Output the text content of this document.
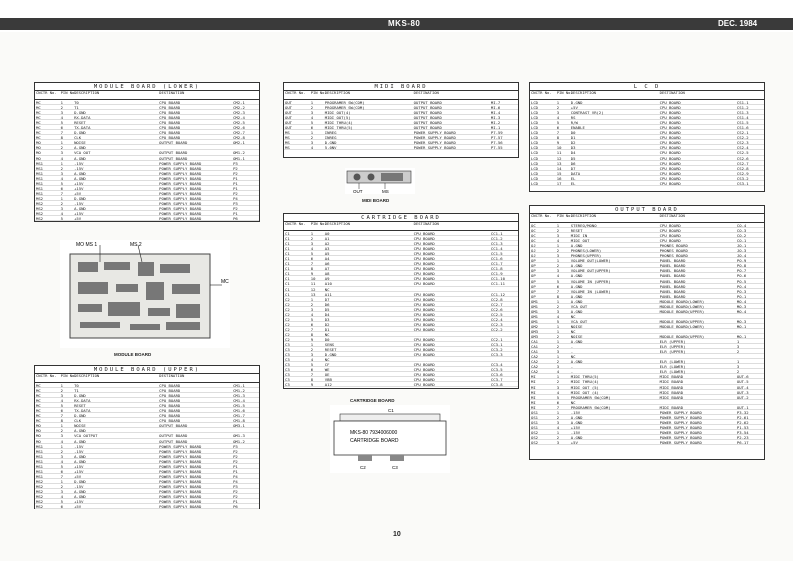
MKS-80	DEC. 1984
MODULE BOARD (LOWER)
CNCTR No.	PIN No.
DESCRIPTION	DESTINATION
MC	1	T0	CPU BOARD	CM2-1
MC	2	T1	CPU BOARD	CM2-2
MC	3	D.GND	CPU BOARD	CM2-3
MC	4	RX.DATA	CPU BOARD	CM2-4
MC	5	RESET	CPU BOARD	CM2-5
MC	6	TX.DATA	CPU BOARD	CM2-6
MC	7	D.GND	CPU BOARD	CM2-7
MC	8	CLK	CPU BOARD	CM2-8
MO	1	NOISE	OUTPUT BOARD	OM2-1
MO	2	A.GND
MO	3	VCA OUT	OUTPUT BOARD	OM1-2
MO	4	A.GND	OUTPUT BOARD	OM1-1
MS1	1	-15V	POWER SUPPLY BOARD	P3
MS1	2	-15V	POWER SUPPLY BOARD	P2
MS1	3	A.GND	POWER SUPPLY BOARD	P2
MS1	4	A.GND	POWER SUPPLY BOARD	P1
MS1	5	+15V	POWER SUPPLY BOARD	P1
MS1	6	+15V	POWER SUPPLY BOARD	P1
MS1	7	+5V	POWER SUPPLY BOARD	P2
MS2	1	D.GND	POWER SUPPLY BOARD	P4
MS2	2	-15V	POWER SUPPLY BOARD	P3
MS2	3	A.GND	POWER SUPPLY BOARD	P2
MS2	4	+15V	POWER SUPPLY BOARD	P1
MS2	5	+5V	POWER SUPPLY BOARD	P6
MODULE BOARD (UPPER)
CNCTR No.	PIN No.
DESCRIPTION	DESTINATION
MC	1	T0	CPU BOARD	CM1-1
MC	2	T1	CPU BOARD	CM1-2
MC	3	D.GND	CPU BOARD	CM1-3
MC	4	RX.DATA	CPU BOARD	CM1-4
MC	5	RESET	CPU BOARD	CM1-5
MC	6	TX.DATA	CPU BOARD	CM1-6
MC	7	D.GND	CPU BOARD	CM1-7
MC	8	CLK	CPU BOARD	CM1-8
MO	1	NOISE	OUTPUT BOARD	OM3-1
MO	2	A.GND
MO	3	VCA OUTPUT	OUTPUT BOARD	OM1-3
MO	4	A.GND	OUTPUT BOARD	OM1-2
MS1	1	-15V	POWER SUPPLY BOARD	P3
MS1	2	-15V	POWER SUPPLY BOARD	P2
MS1	3	A.GND	POWER SUPPLY BOARD	P2
MS1	4	A.GND	POWER SUPPLY BOARD	P2
MS1	5	+15V	POWER SUPPLY BOARD	P1
MS1	6	+15V	POWER SUPPLY BOARD	P1
MS1	7	+5V	POWER SUPPLY BOARD	P4
MS2	1	D.GND	POWER SUPPLY BOARD	P4
MS2	2	-15V	POWER SUPPLY BOARD	P3
MS2	3	A.GND	POWER SUPPLY BOARD	P2
MS2	4	A.GND	POWER SUPPLY BOARD	P2
MS2	5	+15V	POWER SUPPLY BOARD	P1
MS2	6	+5V	POWER SUPPLY BOARD	P6
MIDI BOARD
CNCTR No.	PIN No.
DESCRIPTION	DESTINATION
OUT	1	PROGRAMER SW(COM)	OUTPUT BOARD	MI-7
OUT	2	PROGRAMER SW(COM)	OUTPUT BOARD	MI-6
OUT	3	MIDI OUT(4)	OUTPUT BOARD	MI-4
OUT	4	MIDI OUT(5)	OUTPUT BOARD	MI-3
OUT	5	MIDI THRU(4)	OUTPUT BOARD	MI-2
OUT	6	MIDI THRU(5)	OUTPUT BOARD	MI-1
MS	1	INREG	POWER SUPPLY BOARD	P7-59
MS	2	INREG	POWER SUPPLY BOARD	P7-57
MS	3	D.GND	POWER SUPPLY BOARD	P7-56
MS	4	5.0NV	POWER SUPPLY BOARD	P7-55
CARTRIDGE BOARD
CNCTR No.	PIN No.
DESCRIPTION	DESTINATION
C1	1	A0	CPU BOARD	CC1-1
C1	2	A1	CPU BOARD	CC1-2
C1	3	A2	CPU BOARD	CC1-3
C1	4	A3	CPU BOARD	CC1-4
C1	5	A5	CPU BOARD	CC1-5
C1	6	A4	CPU BOARD	CC1-6
C1	7	A6	CPU BOARD	CC1-7
C1	8	A7	CPU BOARD	CC1-8
C1	9	A8	CPU BOARD	CC1-9
C1	10	A9	CPU BOARD	CC1-10
C1	11	A10	CPU BOARD	CC1-11
C1	12	NC
C1	13	A11	CPU BOARD	CC1-12
C2	1	D7	CPU BOARD	CC2-8
C2	2	D6	CPU BOARD	CC2-7
C2	3	D5	CPU BOARD	CC2-6
C2	4	D4	CPU BOARD	CC2-5
C2	5	D3	CPU BOARD	CC2-4
C2	6	D2	CPU BOARD	CC2-3
C2	7	D1	CPU BOARD	CC2-2
C2	8	NC
C2	9	D0	CPU BOARD	CC2-1
C3	1	SENS	CPU BOARD	CC3-1
C3	2	RESET	CPU BOARD	CC3-2
C3	3	D.GND	CPU BOARD	CC3-3
C3	4	NC
C3	5	CF	CPU BOARD	CC3-4
C3	6	WE	CPU BOARD	CC3-5
C3	7	OE	CPU BOARD	CC3-6
C3	8	VBB	CPU BOARD	CC3-7
C3	9	A12	CPU BOARD	CC3-8
L C D
CNCTR No.	PIN No.
DESCRIPTION	DESTINATION
LCD	1	D.GND	CPU BOARD	CS1-1
LCD	2	+5V	CPU BOARD	CS1-2
LCD	3	CONTRAST VR(2)	CPU BOARD	CS1-3
LCD	4	RS	CPU BOARD	CS1-4
LCD	5	R/W	CPU BOARD	CS1-5
LCD	6	ENABLE	CPU BOARD	CS1-6
LCD	7	D0	CPU BOARD	CS2-1
LCD	8	D1	CPU BOARD	CS2-2
LCD	9	D2	CPU BOARD	CS2-3
LCD	10	D3	CPU BOARD	CS2-4
LCD	11	D4	CPU BOARD	CS2-5
LCD	12	D5	CPU BOARD	CS2-6
LCD	13	D6	CPU BOARD	CS2-7
LCD	14	D7	CPU BOARD	CS2-8
LCD	15	DATA	CPU BOARD	CS2-9
LCD	16	EL	CPU BOARD	CS3-2
LCD	17	EL	CPU BOARD	CS3-1
OUTPUT BOARD
CNCTR No.	PIN No.
DESCRIPTION	DESTINATION
OC	1	STEREO/MONO	CPU BOARD	CO-4
OC	2	RESET	CPU BOARD	CO-3
OC	3	MIDI IN	CPU BOARD	CO-2
OC	4	MIDI OUT	CPU BOARD	CO-1
OJ	1	A.GND	PHONES BOARD	JO-1
OJ	2	PHONES(LOWER)	PHONES BOARD	JO-3
OJ	3	PHONES(UPPER)	PHONES BOARD	JO-4
OP	1	VOLUME OUT(LOWER)	PANEL BOARD	PO-9
OP	2	A.GND	PANEL BOARD	PO-8
OP	3	VOLUME OUT(UPPER)	PANEL BOARD	PO-7
OP	4	A.GND	PANEL BOARD	PO-6
OP	5	VOLUME IN (UPPER)	PANEL BOARD	PO-5
OP	6	A.GND	PANEL BOARD	PO-4
OP	7	VOLUME IN (LOWER)	PANEL BOARD	PO-3
OP	8	A.GND	PANEL BOARD	PO-1
OM1	1	A.GND	MODULE BOARD(LOWER)	MO-4
OM1	2	VCA OUT	MODULE BOARD(LOWER)	MO-3
OM1	3	A.GND	MODULE BOARD(UPPER)	MO-4
OM1	4	NC
OM1	5	VCA OUT	MODULE BOARD(UPPER)	MO-3
OM2	1	NOISE	MODULE BOARD(LOWER)	MO-1
OM3	1	NC
OM3	2	NOISE	MODULE BOARD(UPPER)	MO-1
CA1	1	A.GND	ELR (UPPER)	1
CA1	2	-	ELR (UPPER)	3
CA1	3	-	ELR (UPPER)	2
CA2	1	NC
CA2	2	A.GND	ELR (LOWER)	1
CA2	3	-	ELR (LOWER)	3
CA2	4	-	ELR (LOWER)	2
MI	1	MIDI THRU(5)	MIDI BOARD	OUT-6
MI	2	MIDI THRU(4)	MIDI BOARD	OUT-5
MI	3	MIDI OUT (5)	MIDI BOARD	OUT-4
MI	4	MIDI OUT (4)	MIDI BOARD	OUT-3
MI	5	PROGRAMER SW(COM)	MIDI BOARD	OUT-2
MI	6	NC
MI	7	PROGRAMER SW(COM)	MIDI BOARD	OUT-1
OS1	1	-15V	POWER SUPPLY BOARD	P3-32
OS1	2	A.GND	POWER SUPPLY BOARD	P2-61
OS1	3	A.GND	POWER SUPPLY BOARD	P2-62
OS1	4	+15V	POWER SUPPLY BOARD	P1-53
OS2	1	-15V	POWER SUPPLY BOARD	P3-54
OS2	2	A.GND	POWER SUPPLY BOARD	P2-23
OS2	3	+5V	POWER SUPPLY BOARD	P6-17
MO MS 1	MS 2
MC
MODULE BOARD
OUT	MS
MIDI BOARD
CARTRIDGE BOARD
C1
MKS-80 7934006000
CARTRIDGE BOARD
C2	C3
10
